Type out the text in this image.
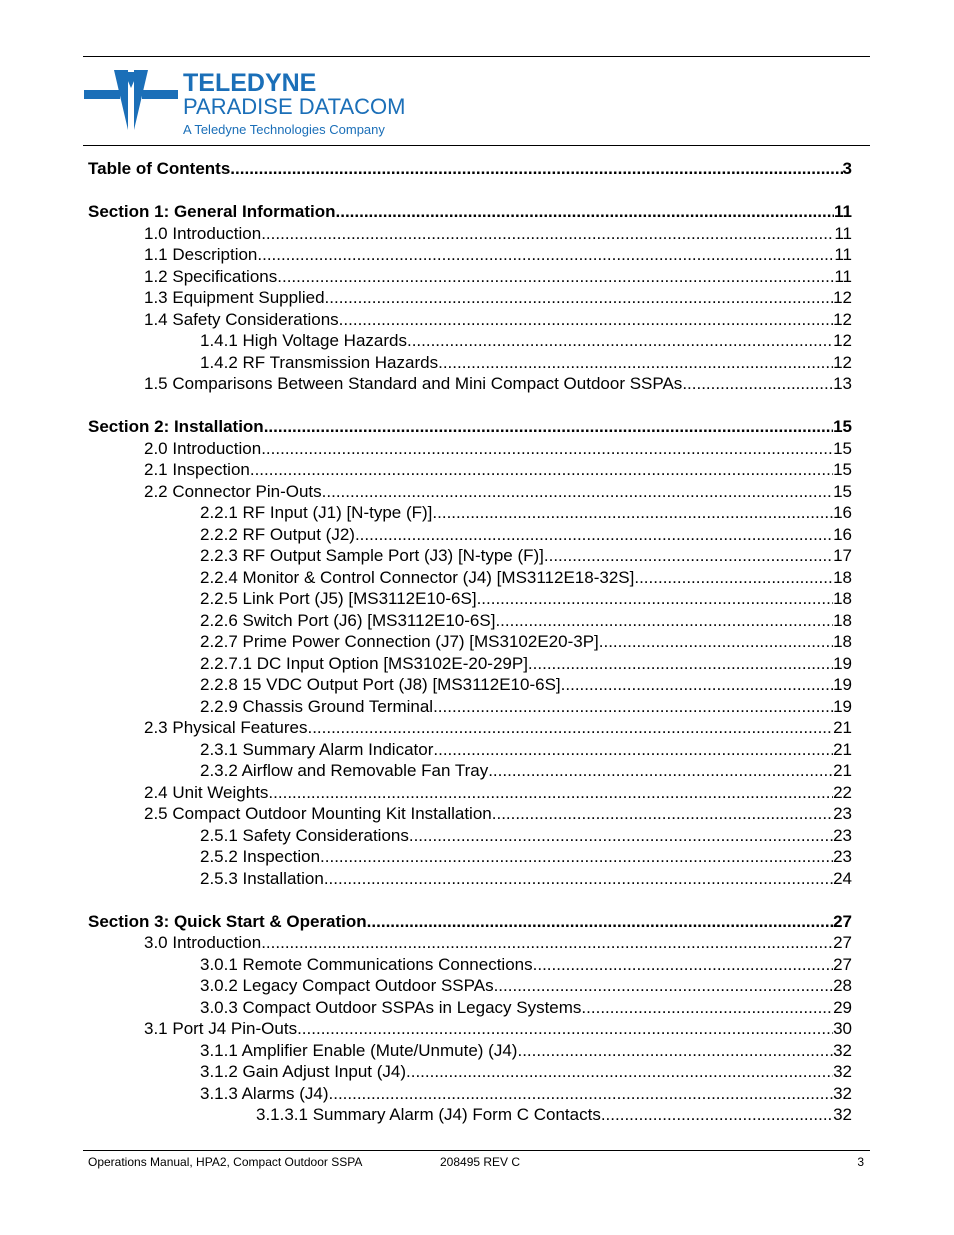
TELEDYNE
PARADISE DATACOM
A Teledyne Technologies Company
Table of Contents .....	3
Section 1: General Information .....	11
1.0 Introduction .....	11
1.1 Description .....	11
1.2 Specifications .....	11
1.3 Equipment Supplied .....	12
1.4 Safety Considerations .....	12
1.4.1 High Voltage Hazards .....	12
1.4.2 RF Transmission Hazards .....	12
1.5 Comparisons Between Standard and Mini Compact Outdoor SSPAs .....	13
Section 2: Installation .....	15
2.0 Introduction .....	15
2.1 Inspection .....	15
2.2 Connector Pin-Outs .....	15
2.2.1 RF Input (J1) [N-type (F)] .....	16
2.2.2 RF Output (J2) .....	16
2.2.3 RF Output Sample Port (J3) [N-type (F)] .....	17
2.2.4 Monitor & Control Connector (J4) [MS3112E18-32S] .....	18
2.2.5 Link Port (J5) [MS3112E10-6S] .....	18
2.2.6 Switch Port (J6) [MS3112E10-6S] .....	18
2.2.7 Prime Power Connection (J7) [MS3102E20-3P] .....	18
2.2.7.1 DC Input Option [MS3102E-20-29P] .....	19
2.2.8 15 VDC Output Port (J8) [MS3112E10-6S] .....	19
2.2.9 Chassis Ground Terminal .....	19
2.3 Physical Features .....	21
2.3.1 Summary Alarm Indicator .....	21
2.3.2 Airflow and Removable Fan Tray .....	21
2.4 Unit Weights .....	22
2.5 Compact Outdoor Mounting Kit Installation .....	23
2.5.1 Safety Considerations .....	23
2.5.2 Inspection .....	23
2.5.3 Installation .....	24
Section 3: Quick Start & Operation .....	27
3.0 Introduction .....	27
3.0.1 Remote Communications Connections .....	27
3.0.2 Legacy Compact Outdoor SSPAs .....	28
3.0.3 Compact Outdoor SSPAs in Legacy Systems .....	29
3.1 Port J4 Pin-Outs .....	30
3.1.1 Amplifier Enable (Mute/Unmute) (J4) .....	32
3.1.2 Gain Adjust Input (J4) .....	32
3.1.3 Alarms (J4) .....	32
3.1.3.1 Summary Alarm (J4) Form C Contacts .....	32
Operations Manual, HPA2, Compact Outdoor SSPA	208495 REV C	3
